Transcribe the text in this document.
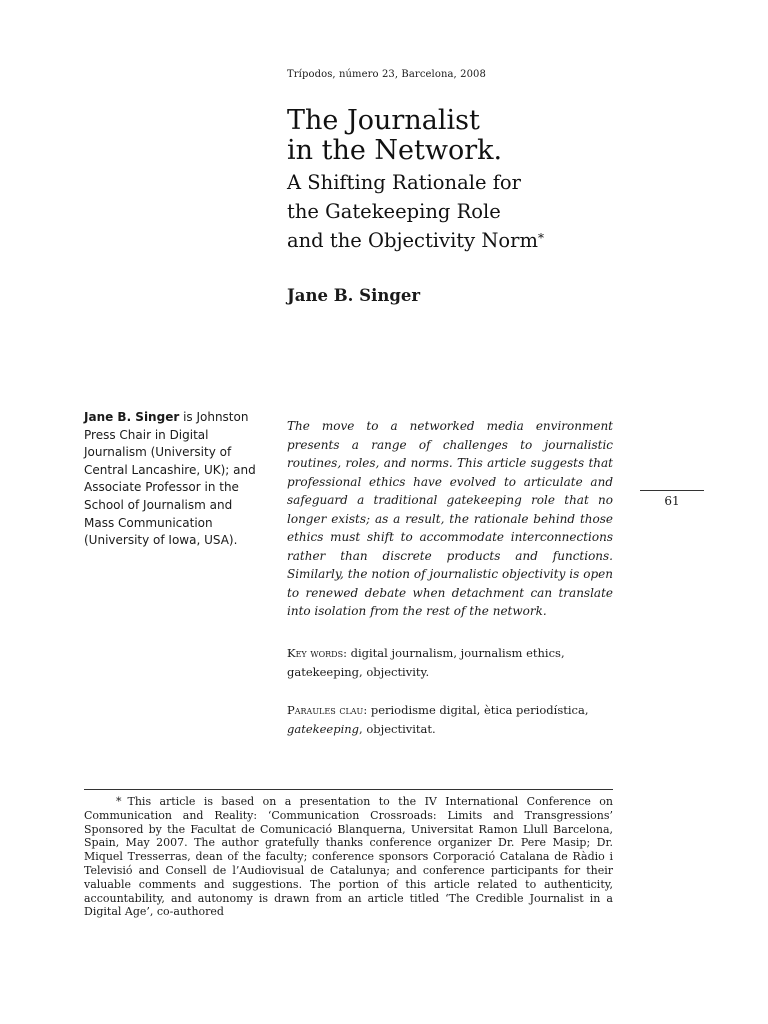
Trípodos, número 23, Barcelona, 2008
The Journalist
in the Network.
A Shifting Rationale for
the Gatekeeping Role
and the Objectivity Norm*
Jane B. Singer
Jane B. Singer is Johnston Press Chair in Digital Journalism (University of Central Lancashire, UK); and Associate Professor in the School of Journalism and Mass Communication (University of Iowa, USA).
The move to a networked media environment presents a range of challenges to journalistic routines, roles, and norms. This article suggests that professional ethics have evolved to articulate and safeguard a traditional gatekeeping role that no longer exists; as a result, the rationale behind those ethics must shift to accommodate interconnections rather than discrete products and functions. Similarly, the notion of journalistic objectivity is open to renewed debate when detachment can translate into isolation from the rest of the network.
Key words: digital journalism, journalism ethics, gatekeeping, objectivity.
Paraules clau: periodisme digital, ètica periodística, gatekeeping, objectivitat.
61
* This article is based on a presentation to the IV International Conference on Communication and Reality: ‘Communication Crossroads: Limits and Transgressions’ Sponsored by the Facultat de Comunicació Blanquerna, Universitat Ramon Llull Barcelona, Spain, May 2007. The author gratefully thanks conference organizer Dr. Pere Masip; Dr. Miquel Tresserras, dean of the faculty; conference sponsors Corporació Catalana de Ràdio i Televisió and Consell de l’Audiovisual de Catalunya; and conference participants for their valuable comments and suggestions. The portion of this article related to authenticity, accountability, and autonomy is drawn from an article titled ‘The Credible Journalist in a Digital Age’, co-authored
